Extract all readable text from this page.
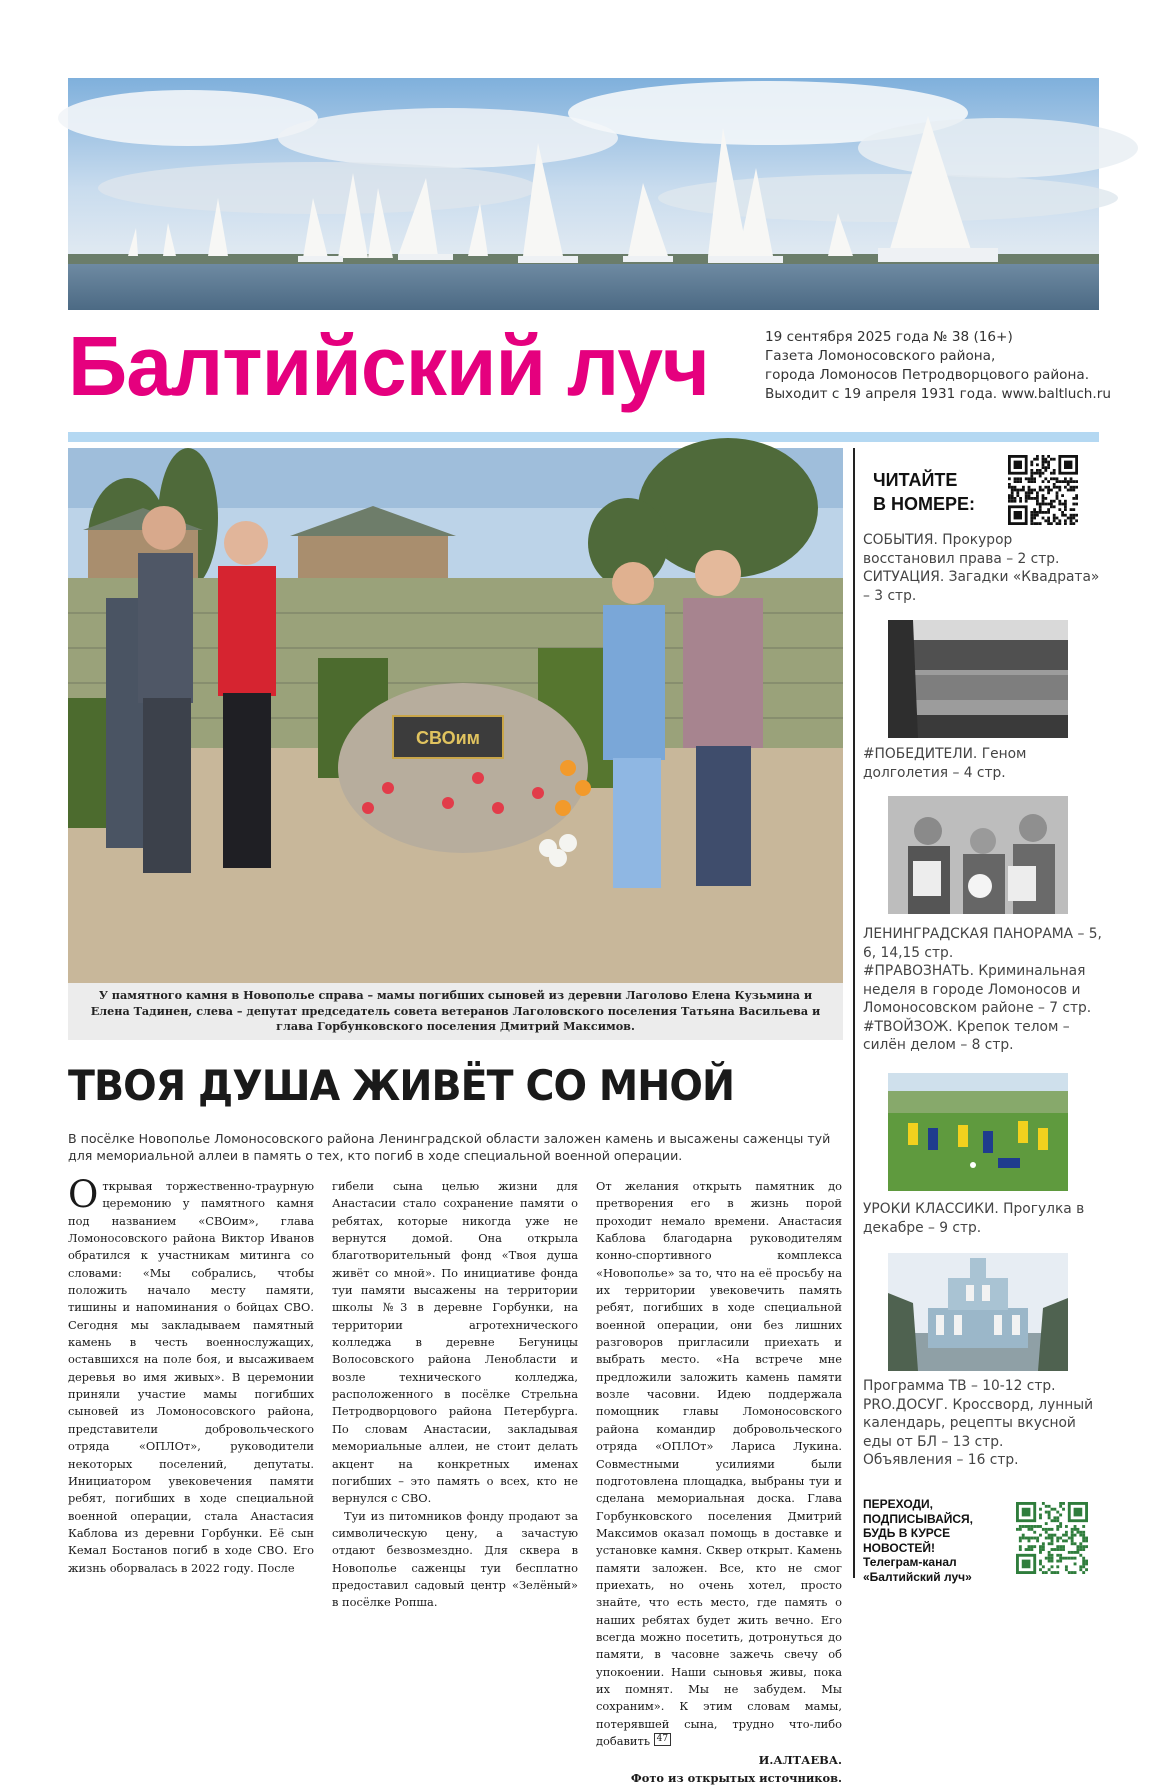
Балтийский луч	19 сентября 2025 года № 38 (16+)
Газета Ломоносовского района,
города Ломоносов Петродворцового района.
Выходит с 19 апреля 1931 года. www.baltluch.ru
СВОим
У памятного камня в Новополье справа – мамы погибших сыновей из деревни Лаголово Елена Кузьмина и Елена Тадинен, слева – депутат председатель совета ветеранов Лаголовского поселения Татьяна Васильева и глава Горбунковского поселения Дмитрий Максимов.
ТВОЯ ДУША ЖИВЁТ СО МНОЙ
В посёлке Новополье Ломоносовского района Ленинградской области заложен камень и высажены саженцы туй для мемориальной аллеи в память о тех, кто погиб в ходе специальной военной операции.

Открывая торжественно-траурную церемонию у памятного камня под названием «СВОим», глава Ломоносовского района Виктор Иванов обратился к участникам митинга со словами: «Мы собрались, чтобы положить начало месту памяти, тишины и напоминания о бойцах СВО. Сегодня мы закладываем памятный камень в честь военнослужащих, оставшихся на поле боя, и высаживаем деревья во имя живых». В церемонии приняли участие мамы погибших сыновей из Ломоносовского района, представители добровольческого отряда «ОПЛОт», руководители некоторых поселений, депутаты. Инициатором увековечения памяти ребят, погибших в ходе специальной военной операции, стала Анастасия Каблова из деревни Горбунки. Её сын Кемал Бостанов погиб в ходе СВО. Его жизнь оборвалась в 2022 году. После

гибели сына целью жизни для Анастасии стало сохранение памяти о ребятах, которые никогда уже не вернутся домой. Она открыла благотворительный фонд «Твоя душа живёт со мной». По инициативе фонда туи памяти высажены на территории школы №3 в деревне Горбунки, на территории агротехнического колледжа в деревне Бегуницы Волосовского района Ленобласти и возле технического колледжа, расположенного в посёлке Стрельна Петродворцового района Петербурга. По словам Анастасии, закладывая мемориальные аллеи, не стоит делать акцент на конкретных именах погибших – это память о всех, кто не вернулся с СВО.

Туи из питомников фонду продают за символическую цену, а зачастую отдают безвозмездно. Для сквера в Новополье саженцы туи бесплатно предоставил садовый центр «Зелёный» в посёлке Ропша.

От желания открыть памятник до претворения его в жизнь порой проходит немало времени. Анастасия Каблова благодарна руководителям конно-спортивного комплекса «Новополье» за то, что на её просьбу на их территории увековечить память ребят, погибших в ходе специальной военной операции, они без лишних разговоров пригласили приехать и выбрать место. «На встрече мне предложили заложить камень памяти возле часовни. Идею поддержала помощник главы Ломоносовского района командир добровольческого отряда «ОПЛОт» Лариса Лукина. Совместными усилиями были подготовлена площадка, выбраны туи и сделана мемориальная доска. Глава Горбунковского поселения Дмитрий Максимов оказал помощь в доставке и установке камня. Сквер открыт. Камень памяти заложен. Все, кто не смог приехать, но очень хотел, просто знайте, что есть место, где память о наших ребятах будет жить вечно. Его всегда можно посетить, дотронуться до памяти, в часовне зажечь свечу об упокоении. Наши сыновья живы, пока их помнят. Мы не забудем. Мы сохраним». К этим словам мамы, потерявшей сына, трудно что-либо добавить 47

И.АЛТАЕВА.
Фото из открытых источников.
ЧИТАЙТЕ
В НОМЕРЕ:
СОБЫТИЯ. Прокурор восстановил права – 2 стр.
СИТУАЦИЯ. Загадки «Квадрата» – 3 стр.
#ПОБЕДИТЕЛИ. Геном долголетия – 4 стр.
ЛЕНИНГРАДСКАЯ ПАНОРАМА – 5, 6, 14,15 стр.
#ПРАВОЗНАТЬ. Криминальная неделя в городе Ломоносов и Ломоносовском районе – 7 стр.
#ТВОЙЗОЖ. Крепок телом – силён делом – 8 стр.
УРОКИ КЛАССИКИ. Прогулка в декабре – 9 стр.
Программа ТВ – 10-12 стр.
PRO.ДОСУГ. Кроссворд, лунный календарь, рецепты вкусной еды от БЛ – 13 стр.
Объявления – 16 стр.
ПЕРЕХОДИ,
ПОДПИСЫВАЙСЯ,
БУДЬ В КУРСЕ
НОВОСТЕЙ!
Телеграм-канал
«Балтийский луч»
